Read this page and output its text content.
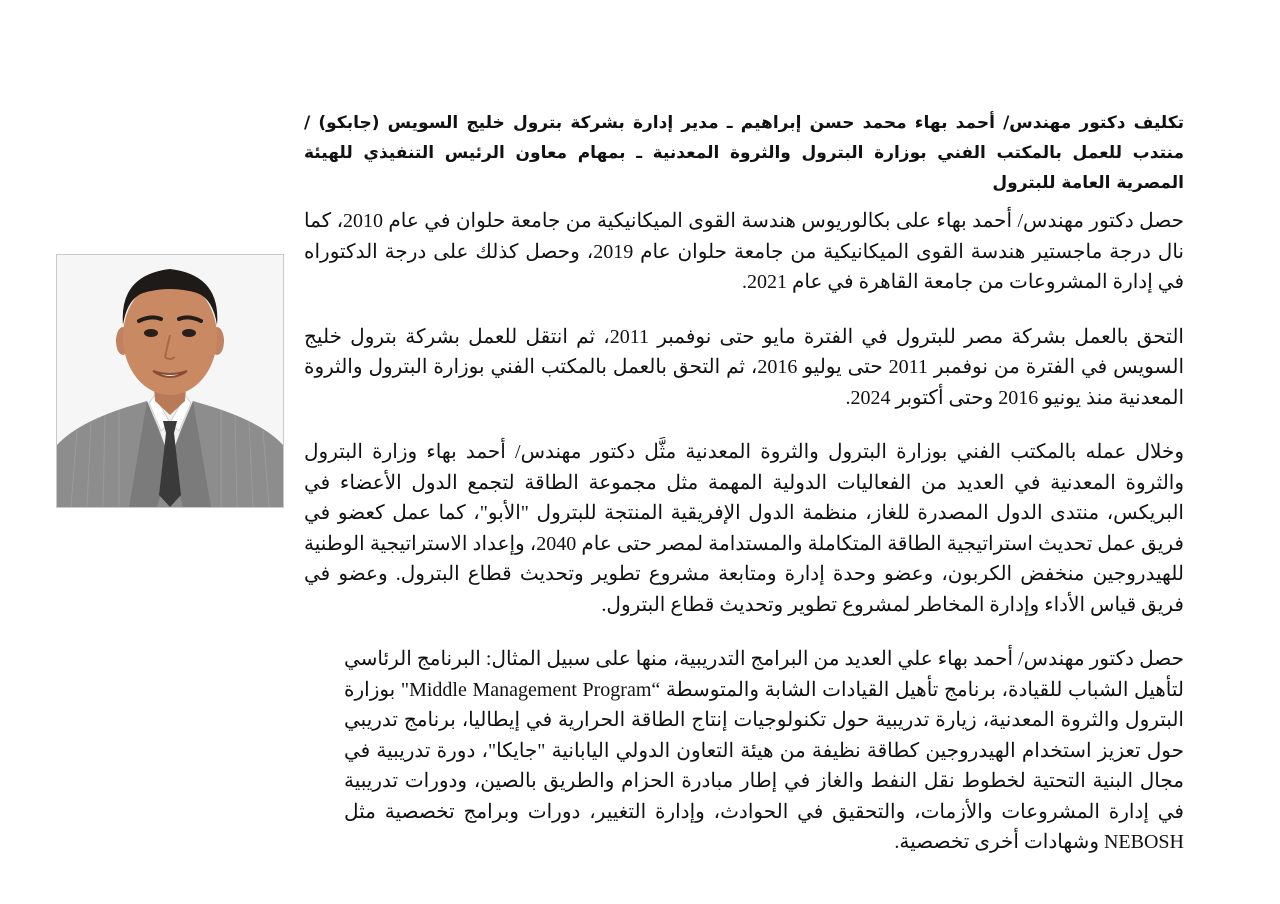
تكليف دكتور مهندس/ أحمد بهاء محمد حسن إبراهيم ـ مدير إدارة بشركة بترول خليج السويس (جابكو) / منتدب للعمل بالمكتب الفني بوزارة البترول والثروة المعدنية ـ بمهام معاون الرئيس التنفيذي للهيئة المصرية العامة للبترول

حصل دكتور مهندس/ أحمد بهاء على بكالوريوس هندسة القوى الميكانيكية من جامعة حلوان في عام 2010، كما نال درجة ماجستير هندسة القوى الميكانيكية من جامعة حلوان عام 2019، وحصل كذلك على درجة الدكتوراه في إدارة المشروعات من جامعة القاهرة في عام 2021.

التحق بالعمل بشركة مصر للبترول في الفترة مايو حتى نوفمبر 2011، ثم انتقل للعمل بشركة بترول خليج السويس في الفترة من نوفمبر 2011 حتى يوليو 2016، ثم التحق بالعمل بالمكتب الفني بوزارة البترول والثروة المعدنية منذ يونيو 2016 وحتى أكتوبر 2024.

وخلال عمله بالمكتب الفني بوزارة البترول والثروة المعدنية مثَّل دكتور مهندس/ أحمد بهاء وزارة البترول والثروة المعدنية في العديد من الفعاليات الدولية المهمة مثل مجموعة الطاقة لتجمع الدول الأعضاء في البريكس، منتدى الدول المصدرة للغاز، منظمة الدول الإفريقية المنتجة للبترول "الأبو"، كما عمل كعضو في فريق عمل تحديث استراتيجية الطاقة المتكاملة والمستدامة لمصر حتى عام 2040، وإعداد الاستراتيجية الوطنية للهيدروجين منخفض الكربون، وعضو وحدة إدارة ومتابعة مشروع تطوير وتحديث قطاع البترول. وعضو في فريق قياس الأداء وإدارة المخاطر لمشروع تطوير وتحديث قطاع البترول.

حصل دكتور مهندس/ أحمد بهاء علي العديد من البرامج التدريبية، منها على سبيل المثال: البرنامج الرئاسي لتأهيل الشباب للقيادة، برنامج تأهيل القيادات الشابة والمتوسطة “Middle Management Program" بوزارة البترول والثروة المعدنية، زيارة تدريبية حول تكنولوجيات إنتاج الطاقة الحرارية في إيطاليا، برنامج تدريبي حول تعزيز استخدام الهيدروجين كطاقة نظيفة من هيئة التعاون الدولي اليابانية "جايكا"، دورة تدريبية في مجال البنية التحتية لخطوط نقل النفط والغاز في إطار مبادرة الحزام والطريق بالصين، ودورات تدريبية في إدارة المشروعات والأزمات، والتحقيق في الحوادث، وإدارة التغيير، دورات وبرامج تخصصية مثل NEBOSH وشهادات أخرى تخصصية.
